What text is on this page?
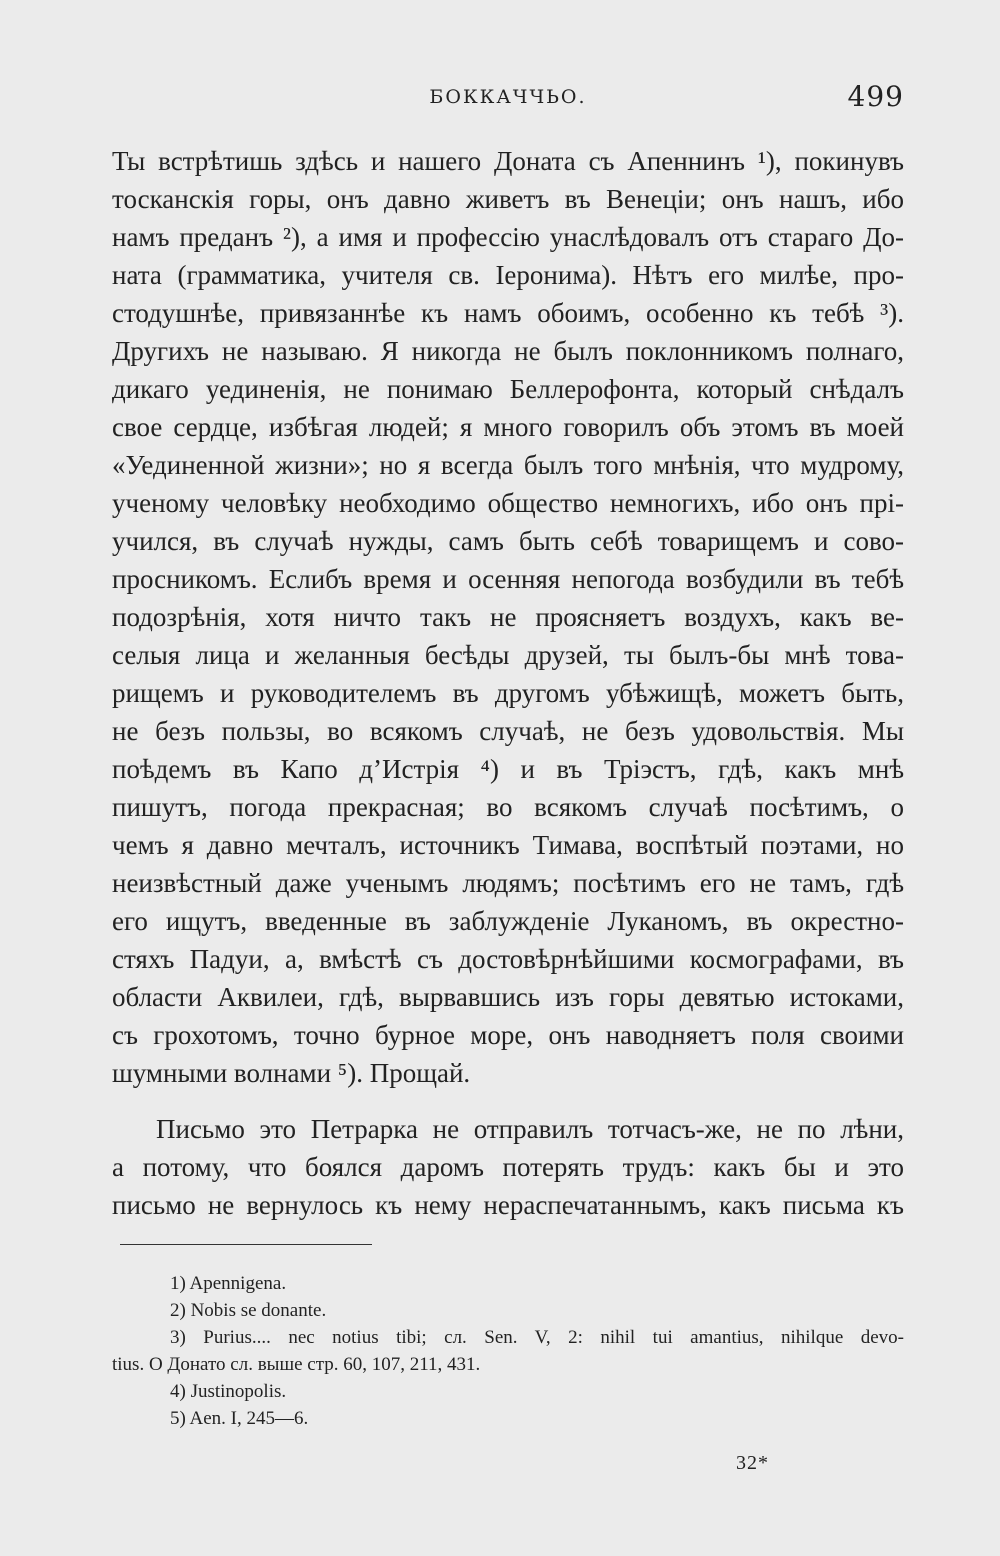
БОККАЧЧЬО.	499
Ты встрѣтишь здѣсь и нашего Доната съ Апеннинъ ¹), покинувъ
тосканскія горы, онъ давно живетъ въ Венеціи; онъ нашъ, ибо
намъ преданъ ²), а имя и профессію унаслѣдовалъ отъ стараго До-
ната (грамматика, учителя св. Іеронима). Нѣтъ его милѣе, про-
стодушнѣе, привязаннѣе къ намъ обоимъ, особенно къ тебѣ ³).
Другихъ не называю. Я никогда не былъ поклонникомъ полнаго,
дикаго уединенія, не понимаю Беллерофонта, который снѣдалъ
свое сердце, избѣгая людей; я много говорилъ объ этомъ въ моей
«Уединенной жизни»; но я всегда былъ того мнѣнія, что мудрому,
ученому человѣку необходимо общество немногихъ, ибо онъ прі-
учился, въ случаѣ нужды, самъ быть себѣ товарищемъ и сово-
просникомъ. Еслибъ время и осенняя непогода возбудили въ тебѣ
подозрѣнія, хотя ничто такъ не проясняетъ воздухъ, какъ ве-
селыя лица и желанныя бесѣды друзей, ты былъ-бы мнѣ това-
рищемъ и руководителемъ въ другомъ убѣжищѣ, можетъ быть,
не безъ пользы, во всякомъ случаѣ, не безъ удовольствія. Мы
поѣдемъ въ Капо д’Истрія ⁴) и въ Тріэстъ, гдѣ, какъ мнѣ
пишутъ, погода прекрасная; во всякомъ случаѣ посѣтимъ, о
чемъ я давно мечталъ, источникъ Тимава, воспѣтый поэтами, но
неизвѣстный даже ученымъ людямъ; посѣтимъ его не тамъ, гдѣ
его ищутъ, введенные въ заблужденіе Луканомъ, въ окрестно-
стяхъ Падуи, а, вмѣстѣ съ достовѣрнѣйшими космографами, въ
области Аквилеи, гдѣ, вырвавшись изъ горы девятью истоками,
съ грохотомъ, точно бурное море, онъ наводняетъ поля своими
шумными волнами ⁵). Прощай.
Письмо это Петрарка не отправилъ тотчасъ-же, не по лѣни,
а потому, что боялся даромъ потерять трудъ: какъ бы и это
письмо не вернулось къ нему нераспечатаннымъ, какъ письма къ
1) Apennigena.
2) Nobis se donante.
3) Purius.... nec notius tibi; сл. Sen. V, 2: nihil tui amantius, nihilque devo-
tius. О Донато сл. выше стр. 60, 107, 211, 431.
4) Justinopolis.
5) Aen. I, 245—6.
32*
